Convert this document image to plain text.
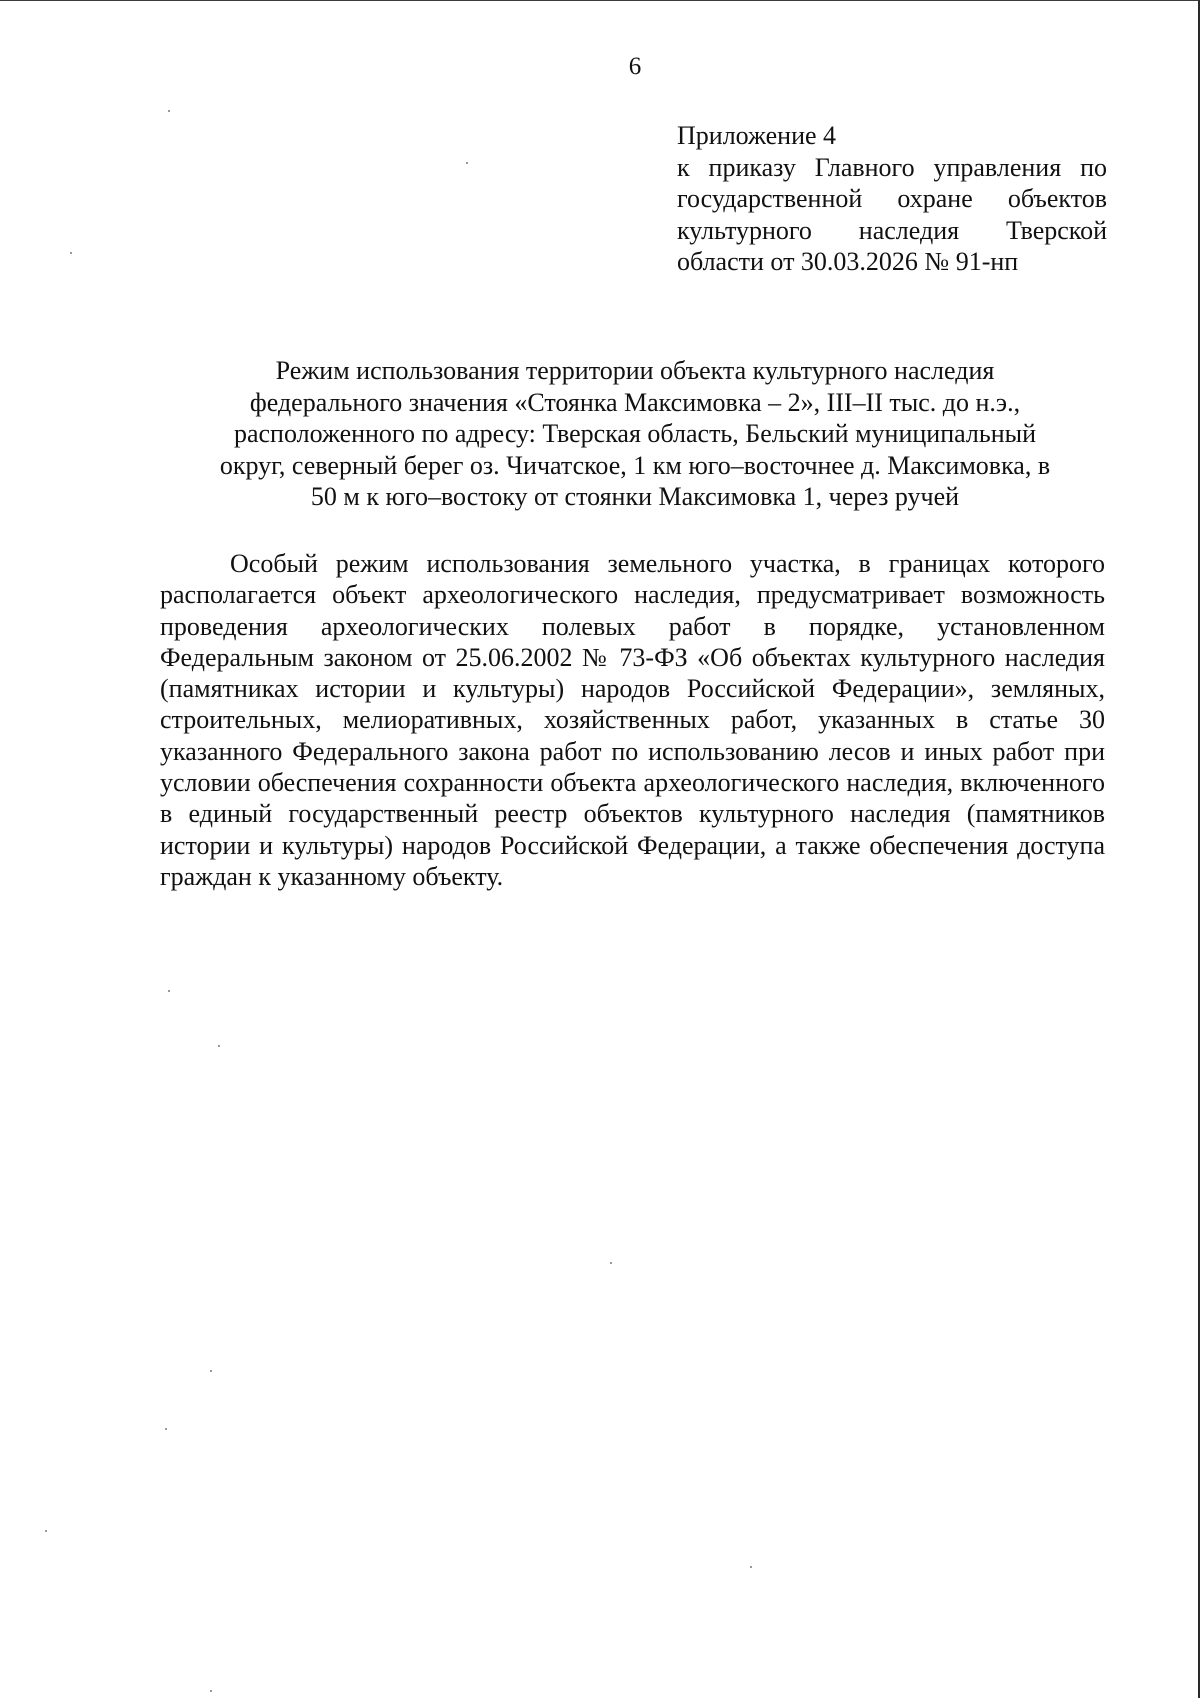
6
Приложение 4
к приказу Главного управления по государственной охране объектов культурного наследия Тверской области от 30.03.2026 № 91-нп
Режим использования территории объекта культурного наследия
федерального значения «Стоянка Максимовка – 2», III–II тыс. до н.э.,
расположенного по адресу: Тверская область, Бельский муниципальный
округ, северный берег оз. Чичатское, 1 км юго–восточнее д. Максимовка, в
50 м к юго–востоку от стоянки Максимовка 1, через ручей

Особый режим использования земельного участка, в границах которого располагается объект археологического наследия, предусматривает возможность проведения археологических полевых работ в порядке, установленном Федеральным законом от 25.06.2002 № 73-ФЗ «Об объектах культурного наследия (памятниках истории и культуры) народов Российской Федерации», земляных, строительных, мелиоративных, хозяйственных работ, указанных в статье 30 указанного Федерального закона работ по использованию лесов и иных работ при условии обеспечения сохранности объекта археологического наследия, включенного в единый государственный реестр объектов культурного наследия (памятников истории и культуры) народов Российской Федерации, а также обеспечения доступа граждан к указанному объекту.
